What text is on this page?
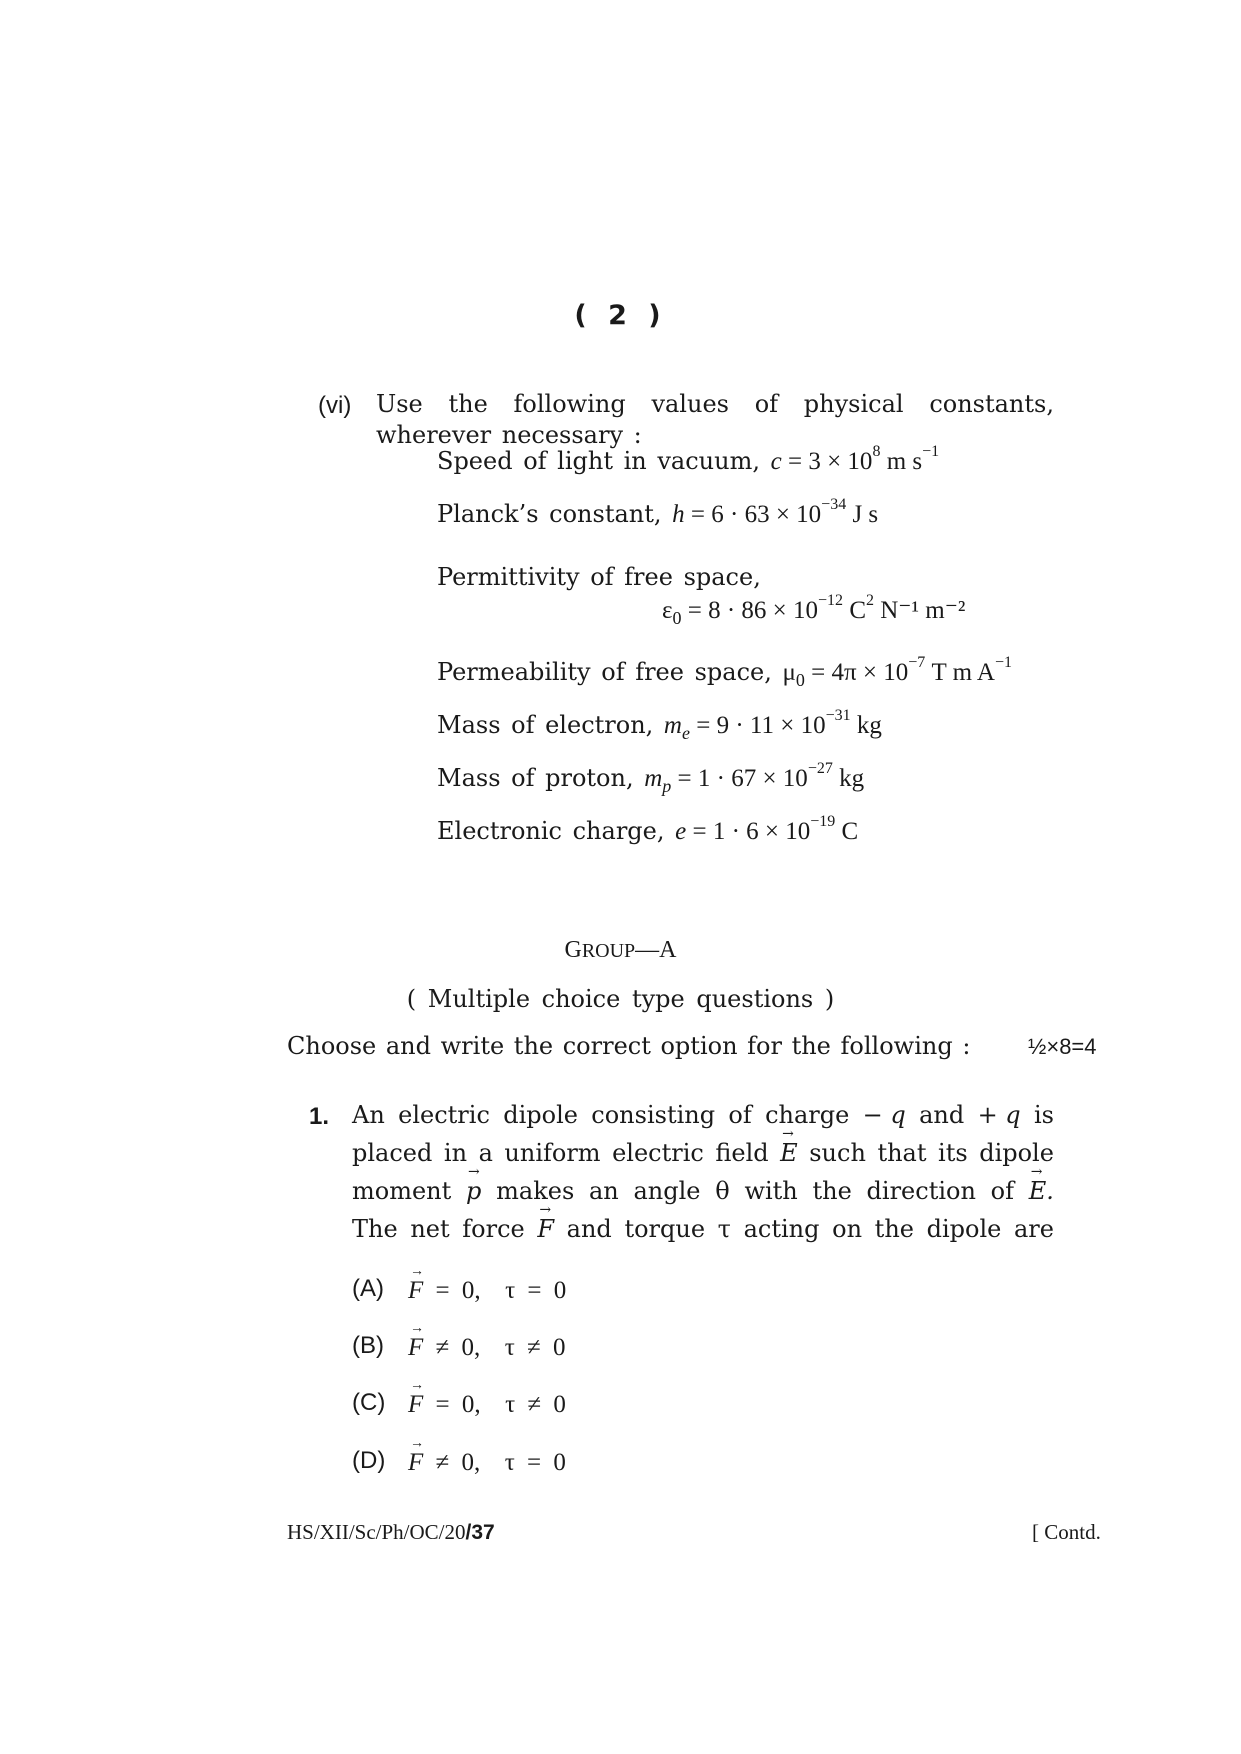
( 2 )
(vi) Use the following values of physical constants,
wherever necessary :
Speed of light in vacuum, $c = 3 \times 10^8$ m $s^{-1}$
Planck’s constant, $h = 6 \cdot 63 \times 10^{-34}$ J s
Permittivity of free space,
$\varepsilon_0 = 8 \cdot 86 \times 10^{-12}$ $C^2$ N⁻¹ m⁻²
Permeability of free space, $\mu_0 = 4\pi \times 10^{-7}$ T m $A^{-1}$
Mass of electron, $m_e = 9 \cdot 11 \times 10^{-31}$ kg
Mass of proton, $m_p = 1 \cdot 67 \times 10^{-27}$ kg
Electronic charge, $e = 1 \cdot 6 \times 10^{-19}$ C
GROUP—A
( Multiple choice type questions )
Choose and write the correct option for the following :	½×8=4
1. An electric dipole consisting of charge − q and + q is
placed in a uniform electric field → E such that its dipole
moment → p makes an angle θ with the direction of → E.
The net force → F and torque τ acting on the dipole are
(A) → F = 0, τ = 0
(B) → F ≠ 0, τ ≠ 0
(C) → F = 0, τ ≠ 0
(D) → F ≠ 0, τ = 0
HS/XII/Sc/Ph/OC/20/37	[ Contd.
